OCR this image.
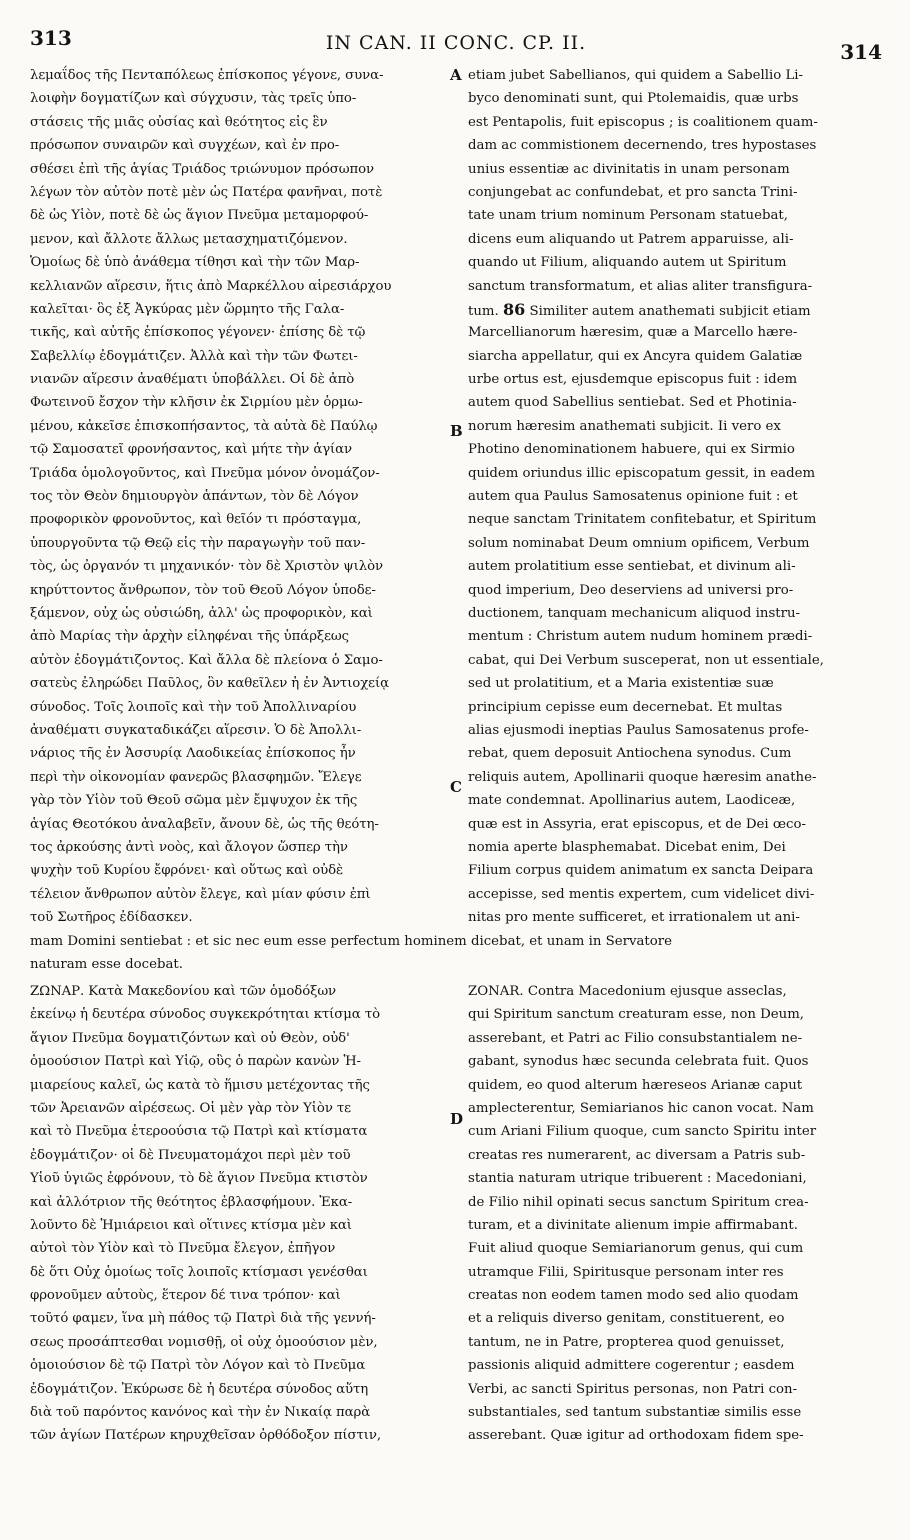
313	IN CAN. II CONC. CP. II.	314
A
B
C
D
λεμαΐδος τῆς Πενταπόλεως ἐπίσκοπος γέγονε, συνα-
λοιφὴν δογματίζων καὶ σύγχυσιν, τὰς τρεῖς ὑπο-
στάσεις τῆς μιᾶς οὐσίας καὶ θεότητος εἰς ἓν
πρόσωπον συναιρῶν καὶ συγχέων, καὶ ἐν προ-
σθέσει ἐπὶ τῆς ἁγίας Τριάδος τριώνυμον πρόσωπον
λέγων τὸν αὐτὸν ποτὲ μὲν ὡς Πατέρα φανῆναι, ποτὲ
δὲ ὡς Υἱὸν, ποτὲ δὲ ὡς ἅγιον Πνεῦμα μεταμορφού-
μενον, καὶ ἄλλοτε ἄλλως μετασχηματιζόμενον.
Ὁμοίως δὲ ὑπὸ ἀνάθεμα τίθησι καὶ τὴν τῶν Μαρ-
κελλιανῶν αἵρεσιν, ἥτις ἀπὸ Μαρκέλλου αἱρεσιάρχου
καλεῖται· ὃς ἐξ Ἀγκύρας μὲν ὥρμητο τῆς Γαλα-
τικῆς, καὶ αὐτῆς ἐπίσκοπος γέγονεν· ἐπίσης δὲ τῷ
Σαβελλίῳ ἐδογμάτιζεν. Ἀλλὰ καὶ τὴν τῶν Φωτει-
νιανῶν αἵρεσιν ἀναθέματι ὑποβάλλει. Οἱ δὲ ἀπὸ
Φωτεινοῦ ἔσχον τὴν κλῆσιν ἐκ Σιρμίου μὲν ὁρμω-
μένου, κἀκεῖσε ἐπισκοπήσαντος, τὰ αὐτὰ δὲ Παύλῳ
τῷ Σαμοσατεῖ φρονήσαντος, καὶ μήτε τὴν ἁγίαν
Τριάδα ὁμολογοῦντος, καὶ Πνεῦμα μόνον ὀνομάζον-
τος τὸν Θεὸν δημιουργὸν ἁπάντων, τὸν δὲ Λόγον
προφορικὸν φρονοῦντος, καὶ θεῖόν τι πρόσταγμα,
ὑπουργοῦντα τῷ Θεῷ εἰς τὴν παραγωγὴν τοῦ παν-
τὸς, ὡς ὀργανόν τι μηχανικόν· τὸν δὲ Χριστὸν ψιλὸν
κηρύττοντος ἄνθρωπον, τὸν τοῦ Θεοῦ Λόγον ὑποδε-
ξάμενον, οὐχ ὡς οὐσιώδη, ἀλλ' ὡς προφορικὸν, καὶ
ἀπὸ Μαρίας τὴν ἀρχὴν εἰληφέναι τῆς ὑπάρξεως
αὐτὸν ἐδογμάτιζοντος. Καὶ ἄλλα δὲ πλείονα ὁ Σαμο-
σατεὺς ἐληρώδει Παῦλος, ὃν καθεῖλεν ἡ ἐν Ἀντιοχείᾳ
σύνοδος. Τοῖς λοιποῖς καὶ τὴν τοῦ Ἀπολλιναρίου
ἀναθέματι συγκαταδικάζει αἵρεσιν. Ὁ δὲ Ἀπολλι-
νάριος τῆς ἐν Ἀσσυρίᾳ Λαοδικείας ἐπίσκοπος ἦν
περὶ τὴν οἰκονομίαν φανερῶς βλασφημῶν. Ἔλεγε
γὰρ τὸν Υἱὸν τοῦ Θεοῦ σῶμα μὲν ἔμψυχον ἐκ τῆς
ἁγίας Θεοτόκου ἀναλαβεῖν, ἄνουν δὲ, ὡς τῆς θεότη-
τος ἀρκούσης ἀντὶ νοὸς, καὶ ἄλογον ὥσπερ τὴν
ψυχὴν τοῦ Κυρίου ἔφρόνει· καὶ οὕτως καὶ οὐδὲ
τέλειον ἄνθρωπον αὐτὸν ἔλεγε, καὶ μίαν φύσιν ἐπὶ
τοῦ Σωτῆρος ἐδίδασκεν.
etiam jubet Sabellianos, qui quidem a Sabellio Li-
byco denominati sunt, qui Ptolemaidis, quæ urbs
est Pentapolis, fuit episcopus ; is coalitionem quam-
dam ac commistionem decernendo, tres hypostases
unius essentiæ ac divinitatis in unam personam
conjungebat ac confundebat, et pro sancta Trini-
tate unam trium nominum Personam statuebat,
dicens eum aliquando ut Patrem apparuisse, ali-
quando ut Filium, aliquando autem ut Spiritum
sanctum transformatum, et alias aliter transfigura-
tum. 86 Similiter autem anathemati subjicit etiam
Marcellianorum hæresim, quæ a Marcello hære-
siarcha appellatur, qui ex Ancyra quidem Galatiæ
urbe ortus est, ejusdemque episcopus fuit : idem
autem quod Sabellius sentiebat. Sed et Photinia-
norum hæresim anathemati subjicit. Ii vero ex
Photino denominationem habuere, qui ex Sirmio
quidem oriundus illic episcopatum gessit, in eadem
autem qua Paulus Samosatenus opinione fuit : et
neque sanctam Trinitatem confitebatur, et Spiritum
solum nominabat Deum omnium opificem, Verbum
autem prolatitium esse sentiebat, et divinum ali-
quod imperium, Deo deserviens ad universi pro-
ductionem, tanquam mechanicum aliquod instru-
mentum : Christum autem nudum hominem prædi-
cabat, qui Dei Verbum susceperat, non ut essentiale,
sed ut prolatitium, et a Maria existentiæ suæ
principium cepisse eum decernebat. Et multas
alias ejusmodi ineptias Paulus Samosatenus profe-
rebat, quem deposuit Antiochena synodus. Cum
reliquis autem, Apollinarii quoque hæresim anathe-
mate condemnat. Apollinarius autem, Laodiceæ,
quæ est in Assyria, erat episcopus, et de Dei œco-
nomia aperte blasphemabat. Dicebat enim, Dei
Filium corpus quidem animatum ex sancta Deipara
accepisse, sed mentis expertem, cum videlicet divi-
nitas pro mente sufficeret, et irrationalem ut ani-
mam Domini sentiebat : et sic nec eum esse perfectum hominem dicebat, et unam in Servatore
naturam esse docebat.
ΖΩΝΑΡ. Κατὰ Μακεδονίου καὶ τῶν ὁμοδόξων
ἐκείνῳ ἡ δευτέρα σύνοδος συγκεκρότηται κτίσμα τὸ
ἅγιον Πνεῦμα δογματιζόντων καὶ οὐ Θεὸν, οὐδ'
ὁμοούσιον Πατρὶ καὶ Υἱῷ, οὓς ὁ παρὼν κανὼν Ἡ-
μιαρείους καλεῖ, ὡς κατὰ τὸ ἥμισυ μετέχοντας τῆς
τῶν Ἀρειανῶν αἱρέσεως. Οἱ μὲν γὰρ τὸν Υἱὸν τε
καὶ τὸ Πνεῦμα ἑτεροούσια τῷ Πατρὶ καὶ κτίσματα
ἐδογμάτιζον· οἱ δὲ Πνευματομάχοι περὶ μὲν τοῦ
Υἱοῦ ὑγιῶς ἐφρόνουν, τὸ δὲ ἅγιον Πνεῦμα κτιστὸν
καὶ ἀλλότριον τῆς θεότητος ἐβλασφήμουν. Ἐκα-
λοῦντο δὲ Ἡμιάρειοι καὶ οἵτινες κτίσμα μὲν καὶ
αὐτοὶ τὸν Υἱὸν καὶ τὸ Πνεῦμα ἔλεγον, ἐπῆγον
δὲ ὅτι Οὐχ ὁμοίως τοῖς λοιποῖς κτίσμασι γενέσθαι
φρονοῦμεν αὐτοὺς, ἕτερον δέ τινα τρόπον· καὶ
τοῦτό φαμεν, ἵνα μὴ πάθος τῷ Πατρὶ διὰ τῆς γεννή-
σεως προσάπτεσθαι νομισθῇ, οἱ οὐχ ὁμοούσιον μὲν,
ὁμοιούσιον δὲ τῷ Πατρὶ τὸν Λόγον καὶ τὸ Πνεῦμα
ἐδογμάτιζον. Ἐκύρωσε δὲ ἡ δευτέρα σύνοδος αὕτη
διὰ τοῦ παρόντος κανόνος καὶ τὴν ἐν Νικαίᾳ παρὰ
τῶν ἁγίων Πατέρων κηρυχθεῖσαν ὀρθόδοξον πίστιν,
ZONAR. Contra Macedonium ejusque asseclas,
qui Spiritum sanctum creaturam esse, non Deum,
asserebant, et Patri ac Filio consubstantialem ne-
gabant, synodus hæc secunda celebrata fuit. Quos
quidem, eo quod alterum hæreseos Arianæ caput
amplecterentur, Semiarianos hic canon vocat. Nam
cum Ariani Filium quoque, cum sancto Spiritu inter
creatas res numerarent, ac diversam a Patris sub-
stantia naturam utrique tribuerent : Macedoniani,
de Filio nihil opinati secus sanctum Spiritum crea-
turam, et a divinitate alienum impie affirmabant.
Fuit aliud quoque Semiarianorum genus, qui cum
utramque Filii, Spiritusque personam inter res
creatas non eodem tamen modo sed alio quodam
et a reliquis diverso genitam, constituerent, eo
tantum, ne in Patre, propterea quod genuisset,
passionis aliquid admittere cogerentur ; easdem
Verbi, ac sancti Spiritus personas, non Patri con-
substantiales, sed tantum substantiæ similis esse
asserebant. Quæ igitur ad orthodoxam fidem spe-
